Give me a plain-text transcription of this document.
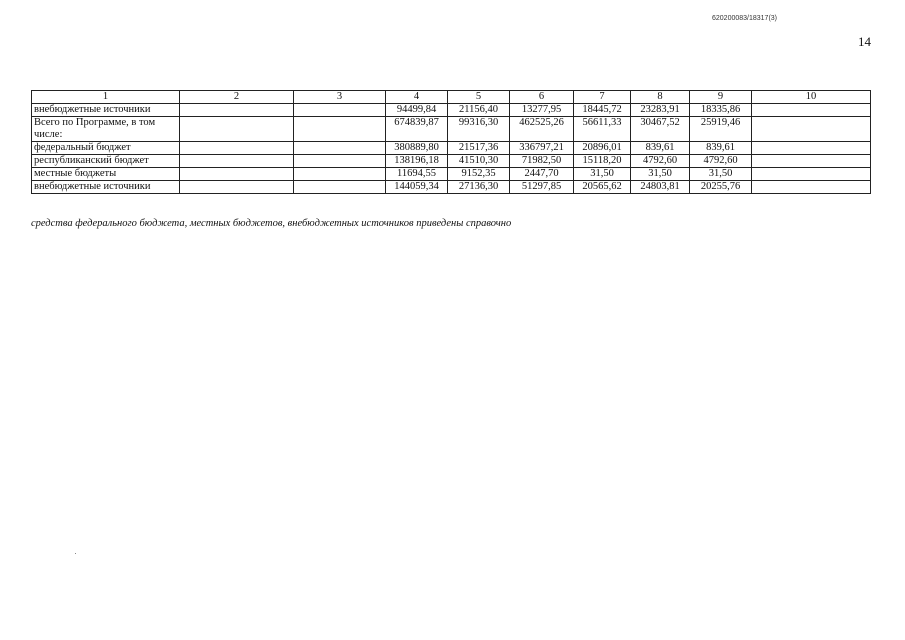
620200083/18317(3)
14
1	2	3	4	5	6	7	8	9	10
внебюджетные источники			94499,84	21156,40	13277,95	18445,72	23283,91	18335,86	
Всего по Программе, в том числе:			674839,87	99316,30	462525,26	56611,33	30467,52	25919,46	
федеральный бюджет			380889,80	21517,36	336797,21	20896,01	839,61	839,61	
республиканский бюджет			138196,18	41510,30	71982,50	15118,20	4792,60	4792,60	
местные бюджеты			11694,55	9152,35	2447,70	31,50	31,50	31,50	
внебюджетные источники			144059,34	27136,30	51297,85	20565,62	24803,81	20255,76	
средства федерального бюджета, местных бюджетов, внебюджетных источников приведены справочно
